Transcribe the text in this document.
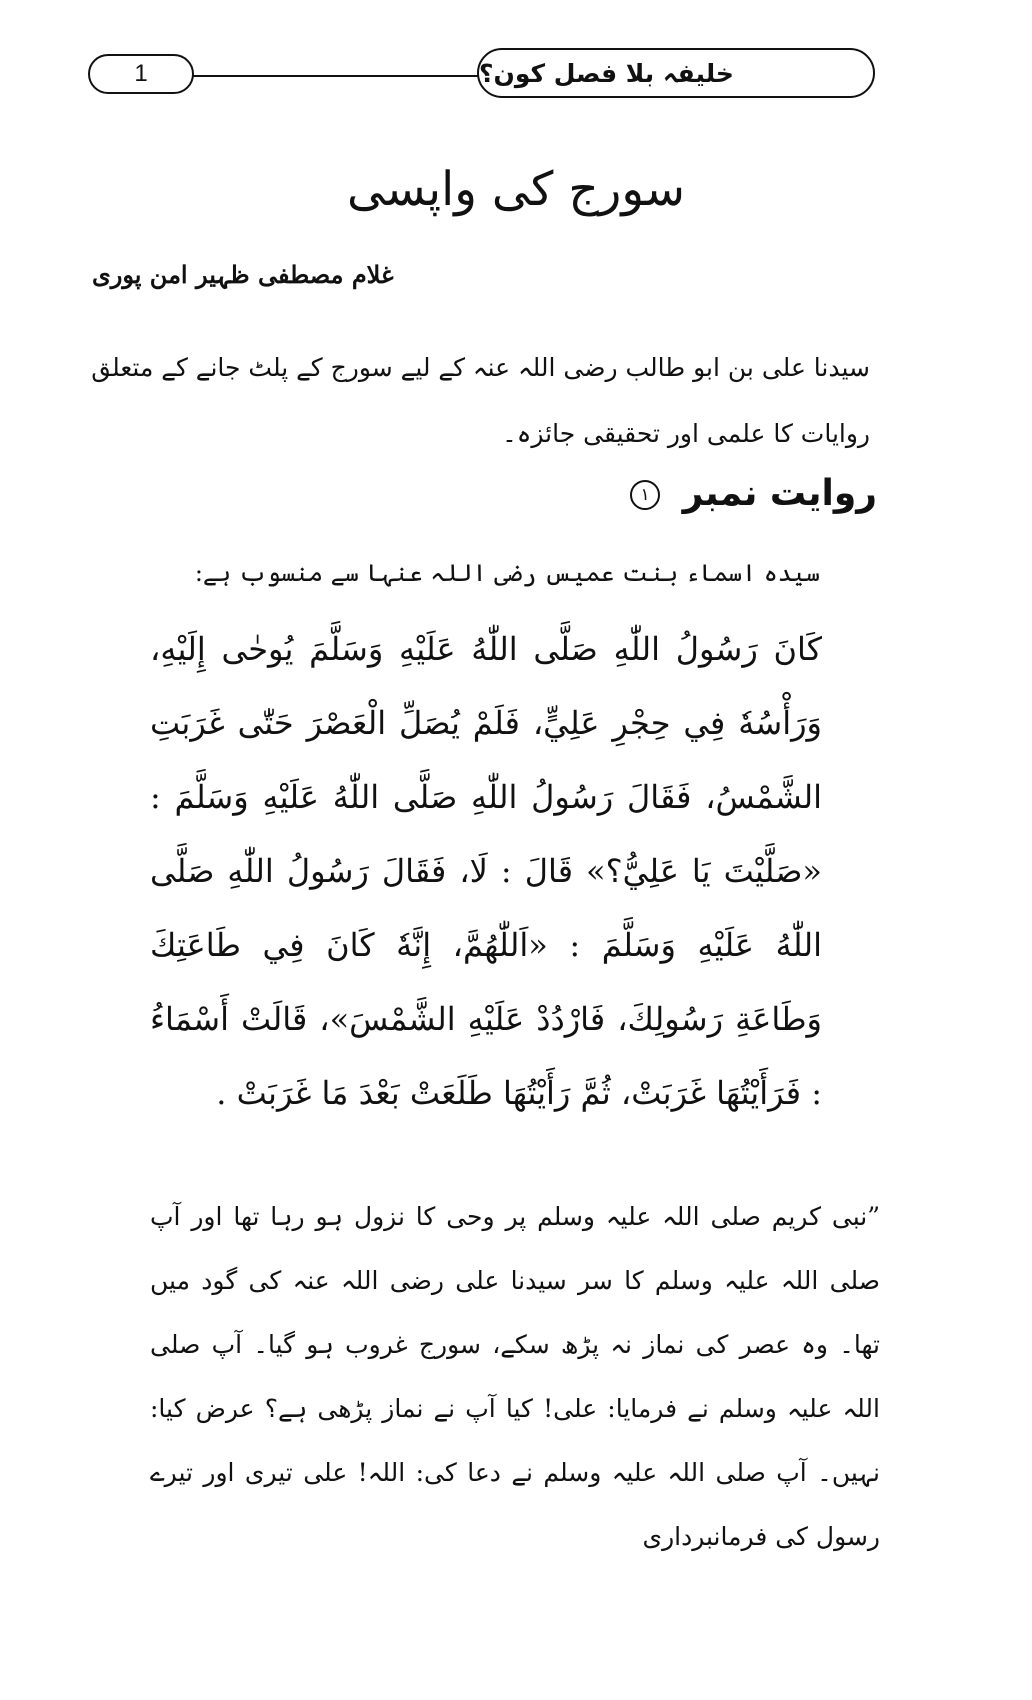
1	خلیفہ بلا فصل کون؟
سورج کی واپسی
غلام مصطفی ظہیر امن پوری

سیدنا علی بن ابو طالب رضی اللہ عنہ کے لیے سورج کے پلٹ جانے کے متعلق روایات کا علمی اور تحقیقی جائزہ۔

روایت نمبر ١
سیدہ اسماء بنت عمیس رضی اللہ عنہا سے منسوب ہے:

كَانَ رَسُولُ اللّٰهِ صَلَّى اللّٰهُ عَلَيْهِ وَسَلَّمَ يُوحٰى إِلَيْهِ، وَرَأْسُهٗ فِي حِجْرِ عَلِيٍّ، فَلَمْ يُصَلِّ الْعَصْرَ حَتّٰى غَرَبَتِ الشَّمْسُ، فَقَالَ رَسُولُ اللّٰهِ صَلَّى اللّٰهُ عَلَيْهِ وَسَلَّمَ : «صَلَّيْتَ يَا عَلِيُّ؟» قَالَ : لَا، فَقَالَ رَسُولُ اللّٰهِ صَلَّى اللّٰهُ عَلَيْهِ وَسَلَّمَ : «اَللّٰهُمَّ، إِنَّهٗ كَانَ فِي طَاعَتِكَ وَطَاعَةِ رَسُولِكَ، فَارْدُدْ عَلَيْهِ الشَّمْسَ»، قَالَتْ أَسْمَاءُ : فَرَأَيْتُهَا غَرَبَتْ، ثُمَّ رَأَيْتُهَا طَلَعَتْ بَعْدَ مَا غَرَبَتْ .

”نبی کریم صلی اللہ علیہ وسلم پر وحی کا نزول ہو رہا تھا اور آپ صلی اللہ علیہ وسلم کا سر سیدنا علی رضی اللہ عنہ کی گود میں تھا۔ وہ عصر کی نماز نہ پڑھ سکے، سورج غروب ہو گیا۔ آپ صلی اللہ علیہ وسلم نے فرمایا: علی! کیا آپ نے نماز پڑھی ہے؟ عرض کیا: نہیں۔ آپ صلی اللہ علیہ وسلم نے دعا کی: اللہ! علی تیری اور تیرے رسول کی فرمانبرداری
